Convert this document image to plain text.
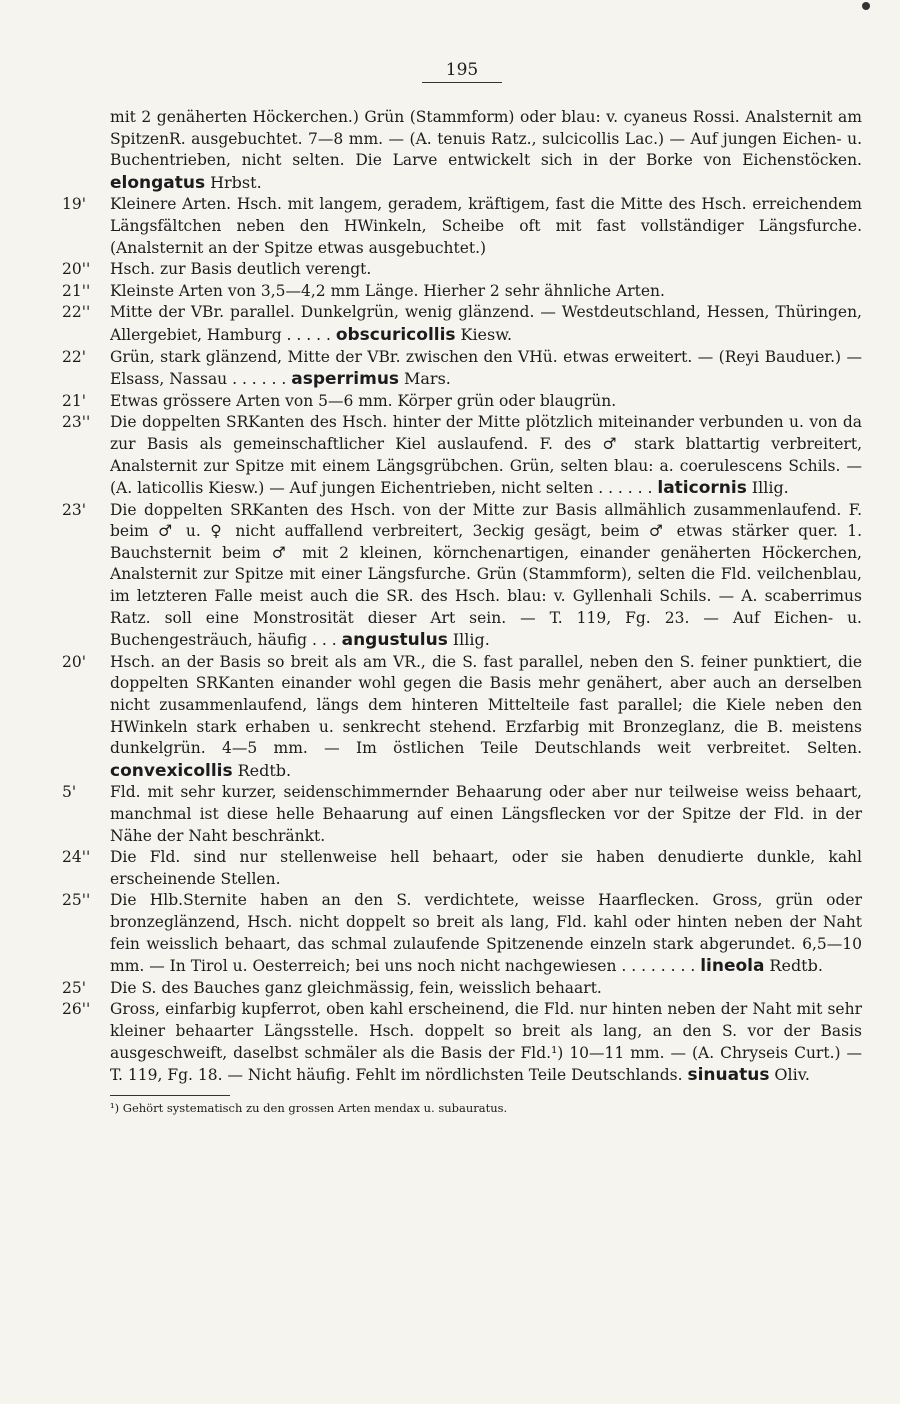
195
mit 2 genäherten Höckerchen.) Grün (Stammform) oder blau: v. cyaneus Rossi. Analsternit am SpitzenR. ausgebuchtet. 7—8 mm. — (A. tenuis Ratz., sulcicollis Lac.) — Auf jungen Eichen- u. Buchentrieben, nicht selten. Die Larve entwickelt sich in der Borke von Eichenstöcken. elongatus Hrbst.
19'	Kleinere Arten. Hsch. mit langem, geradem, kräftigem, fast die Mitte des Hsch. erreichendem Längsfältchen neben den HWinkeln, Scheibe oft mit fast vollständiger Längsfurche. (Analsternit an der Spitze etwas ausgebuchtet.)
20''	Hsch. zur Basis deutlich verengt.
21''	Kleinste Arten von 3,5—4,2 mm Länge. Hierher 2 sehr ähnliche Arten.
22''	Mitte der VBr. parallel. Dunkelgrün, wenig glänzend. — Westdeutschland, Hessen, Thüringen, Allergebiet, Hamburg . . . . . obscuricollis Kiesw.
22'	Grün, stark glänzend, Mitte der VBr. zwischen den VHü. etwas erweitert. — (Reyi Bauduer.) — Elsass, Nassau . . . . . . asperrimus Mars.
21'	Etwas grössere Arten von 5—6 mm. Körper grün oder blaugrün.
23''	Die doppelten SRKanten des Hsch. hinter der Mitte plötzlich miteinander verbunden u. von da zur Basis als gemeinschaftlicher Kiel auslaufend. F. des ♂ stark blattartig verbreitert, Analsternit zur Spitze mit einem Längsgrübchen. Grün, selten blau: a. coerulescens Schils. — (A. laticollis Kiesw.) — Auf jungen Eichentrieben, nicht selten . . . . . . laticornis Illig.
23'	Die doppelten SRKanten des Hsch. von der Mitte zur Basis allmählich zusammenlaufend. F. beim ♂ u. ♀ nicht auffallend verbreitert, 3eckig gesägt, beim ♂ etwas stärker quer. 1. Bauchsternit beim ♂ mit 2 kleinen, körnchenartigen, einander genäherten Höckerchen, Analsternit zur Spitze mit einer Längsfurche. Grün (Stammform), selten die Fld. veilchenblau, im letzteren Falle meist auch die SR. des Hsch. blau: v. Gyllenhali Schils. — A. scaberrimus Ratz. soll eine Monstrosität dieser Art sein. — T. 119, Fg. 23. — Auf Eichen- u. Buchengesträuch, häufig . . . angustulus Illig.
20'	Hsch. an der Basis so breit als am VR., die S. fast parallel, neben den S. feiner punktiert, die doppelten SRKanten einander wohl gegen die Basis mehr genähert, aber auch an derselben nicht zusammenlaufend, längs dem hinteren Mittelteile fast parallel; die Kiele neben den HWinkeln stark erhaben u. senkrecht stehend. Erzfarbig mit Bronzeglanz, die B. meistens dunkelgrün. 4—5 mm. — Im östlichen Teile Deutschlands weit verbreitet. Selten. convexicollis Redtb.
5'	Fld. mit sehr kurzer, seidenschimmernder Behaarung oder aber nur teilweise weiss behaart, manchmal ist diese helle Behaarung auf einen Längsflecken vor der Spitze der Fld. in der Nähe der Naht beschränkt.
24''	Die Fld. sind nur stellenweise hell behaart, oder sie haben denudierte dunkle, kahl erscheinende Stellen.
25''	Die Hlb.Sternite haben an den S. verdichtete, weisse Haarflecken. Gross, grün oder bronzeglänzend, Hsch. nicht doppelt so breit als lang, Fld. kahl oder hinten neben der Naht fein weisslich behaart, das schmal zulaufende Spitzenende einzeln stark abgerundet. 6,5—10 mm. — In Tirol u. Oesterreich; bei uns noch nicht nachgewiesen . . . . . . . . lineola Redtb.
25'	Die S. des Bauches ganz gleichmässig, fein, weisslich behaart.
26''	Gross, einfarbig kupferrot, oben kahl erscheinend, die Fld. nur hinten neben der Naht mit sehr kleiner behaarter Längsstelle. Hsch. doppelt so breit als lang, an den S. vor der Basis ausgeschweift, daselbst schmäler als die Basis der Fld.¹) 10—11 mm. — (A. Chryseis Curt.) — T. 119, Fg. 18. — Nicht häufig. Fehlt im nördlichsten Teile Deutschlands. sinuatus Oliv.
¹) Gehört systematisch zu den grossen Arten mendax u. subauratus.
